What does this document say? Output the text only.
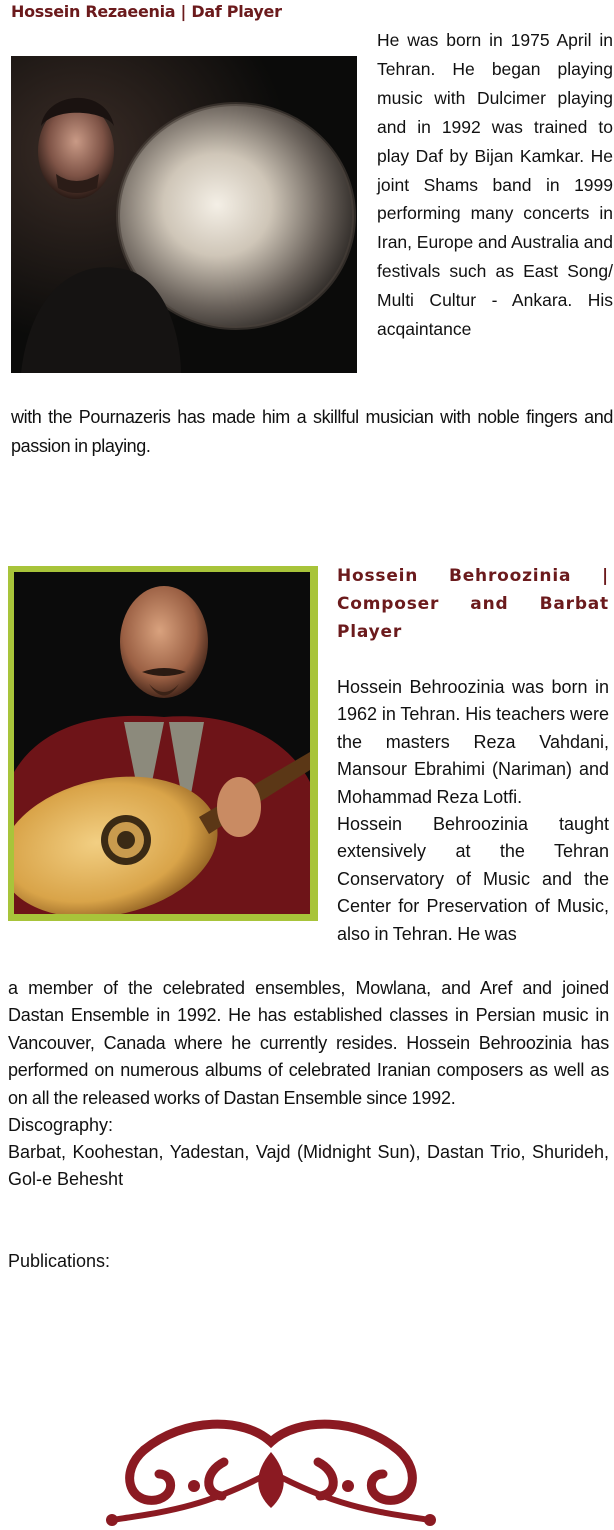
Hossein Rezaeenia | Daf Player

He was born in 1975 April in Tehran. He began playing music with Dulcimer playing and in 1992 was trained to play Daf by Bijan Kamkar. He joint Shams band in 1999 performing many concerts in Iran, Europe and Australia and festivals such as East Song/ Multi Cultur - Ankara. His acqaintance

with the Pournazeris has made him a skillful musician with noble fingers and passion in playing.

Hossein Behroozinia | Composer and Barbat Player
Hossein Behroozinia was born in 1962 in Tehran. His teachers were the masters Reza Vahdani, Mansour Ebrahimi (Nariman) and Mohammad Reza Lotfi.
Hossein Behroozinia taught extensively at the Tehran Conservatory of Music and the Center for Preservation of Music, also in Tehran. He was

a member of the celebrated ensembles, Mowlana, and Aref and joined Dastan Ensemble in 1992. He has established classes in Persian music in Vancouver, Canada where he currently resides. Hossein Behroozinia has performed on numerous albums of celebrated Iranian composers as well as on all the released works of Dastan Ensemble since 1992.

Discography:

Barbat, Koohestan, Yadestan, Vajd (Midnight Sun), Dastan Trio, Shurideh, Gol-e Behesht

Publications:
